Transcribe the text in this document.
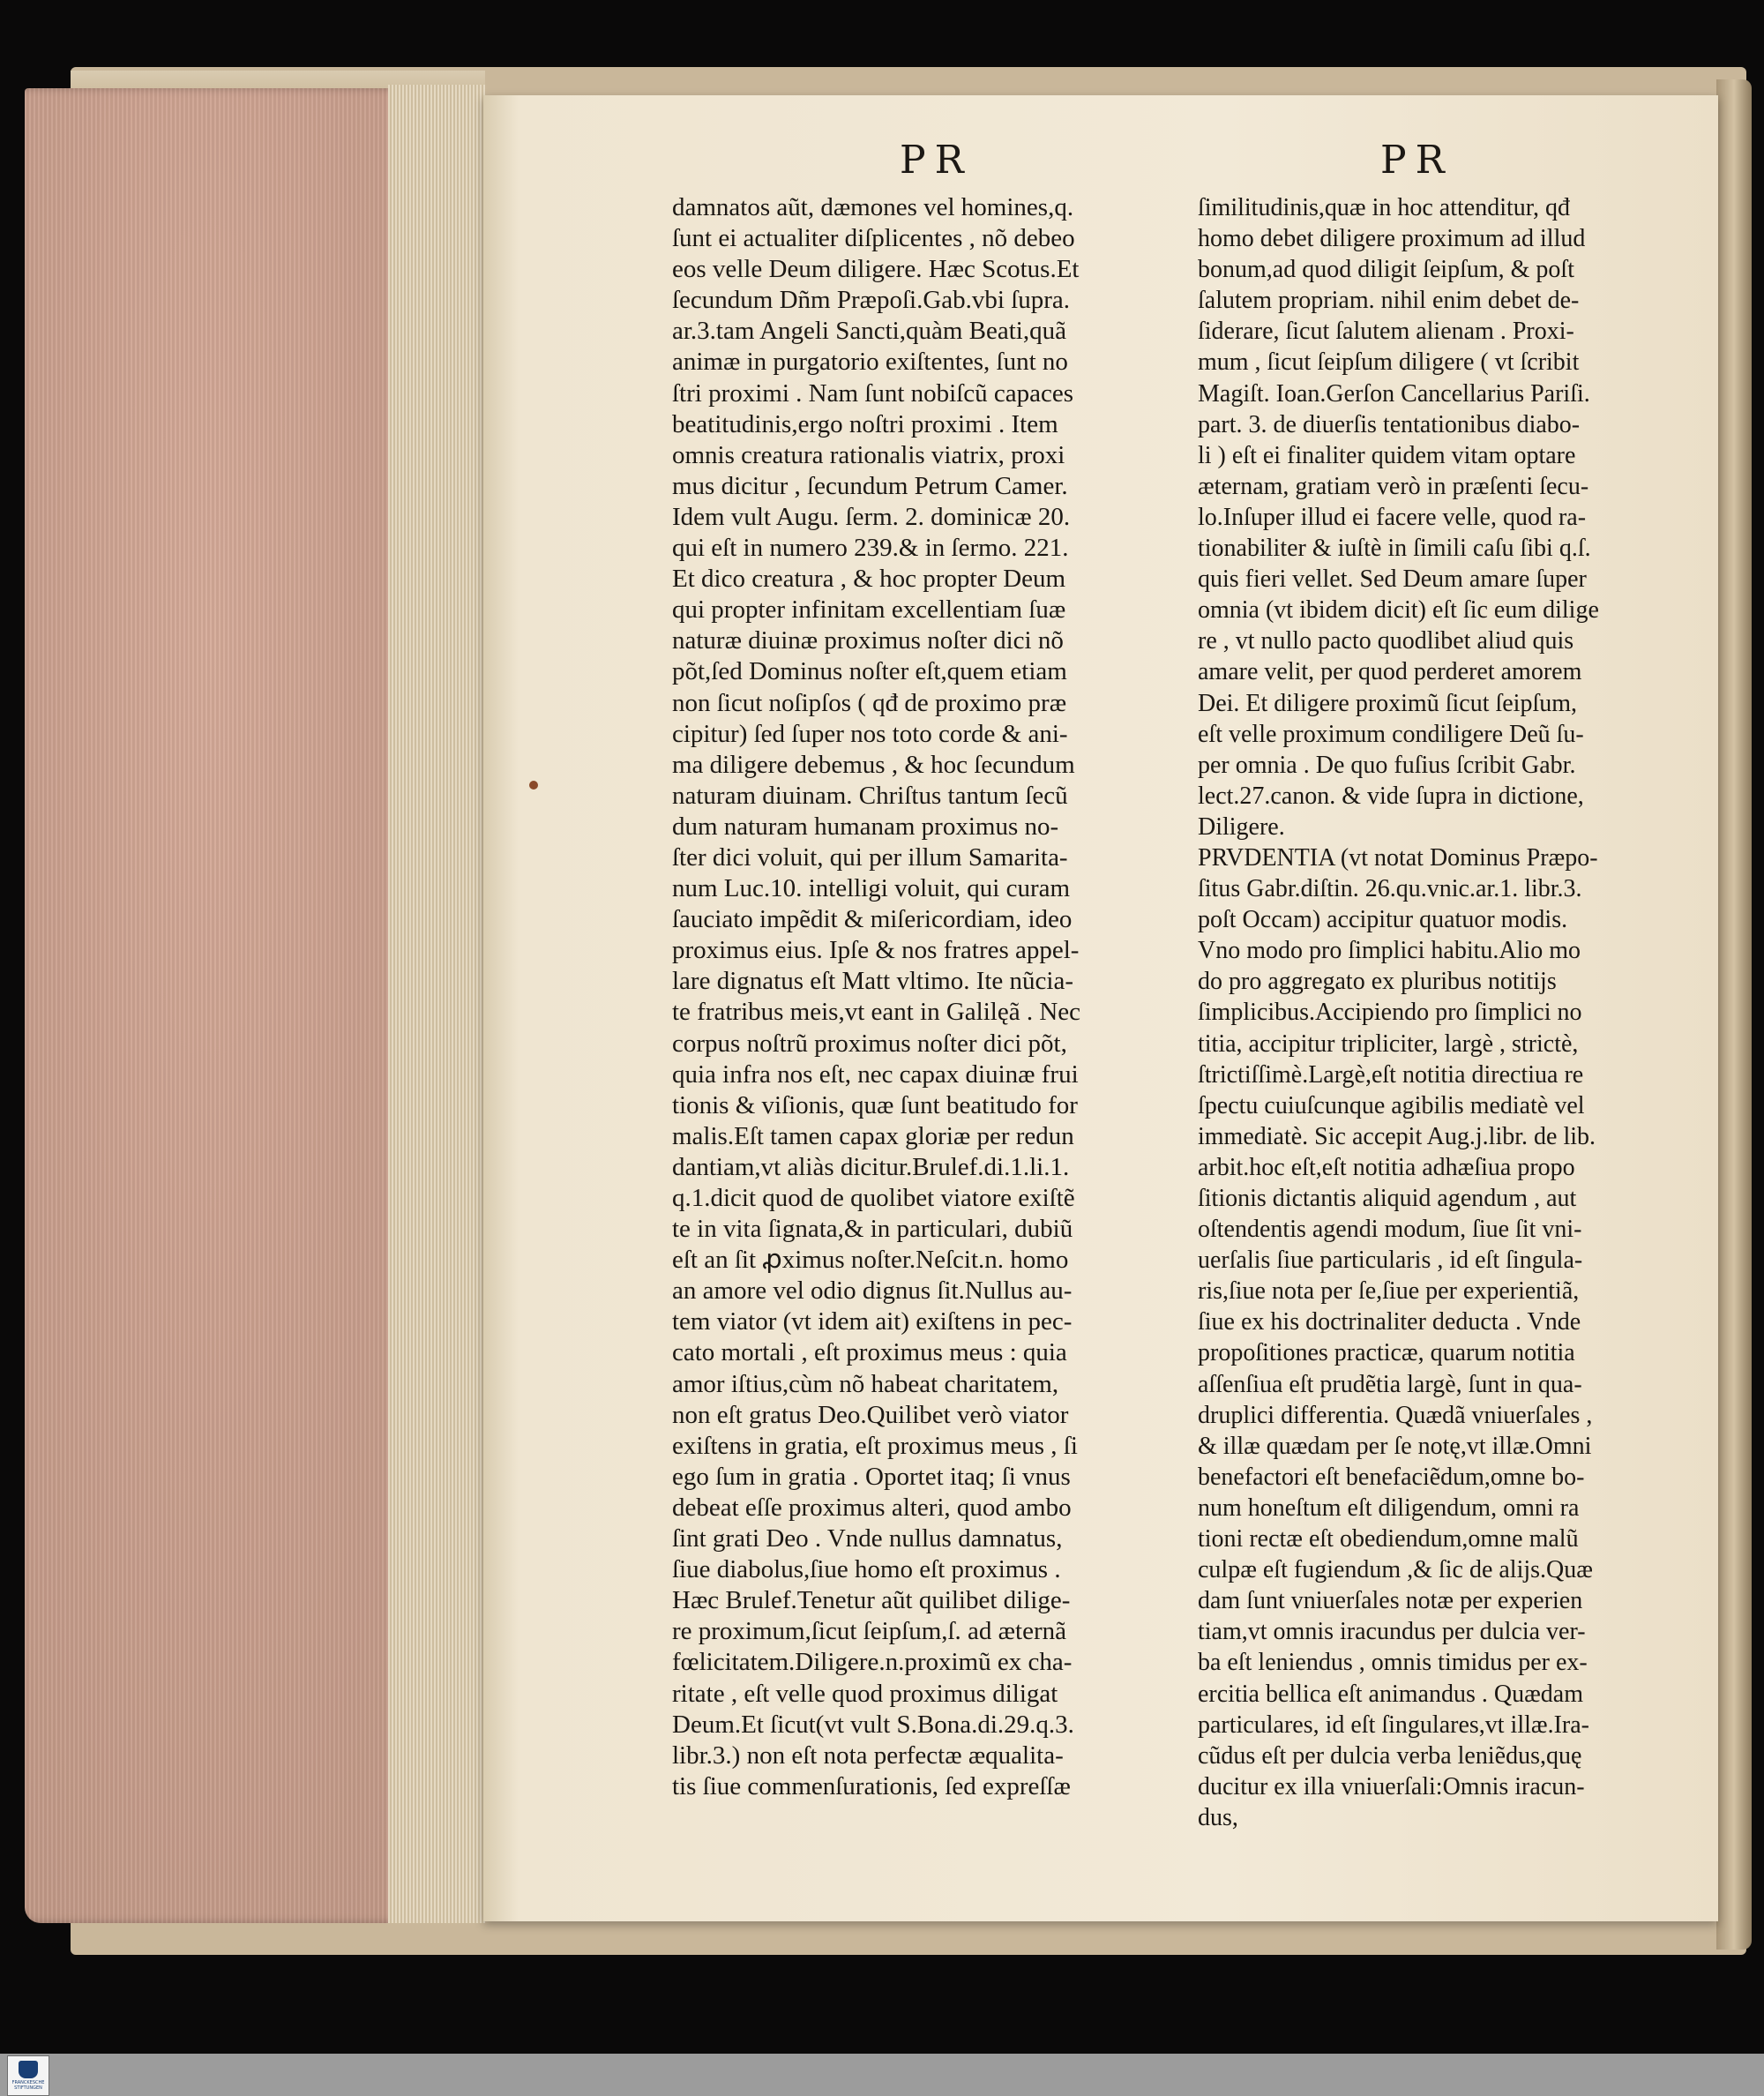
PR	PR
damnatos aũt, dæmones vel homines,q.
ſunt ei actualiter diſplicentes , nõ debeo
eos velle Deum diligere. Hæc Scotus.Et
ſecundum Dñm Præpoſi.Gab.vbi ſupra.
ar.3.tam Angeli Sancti,quàm Beati,quã
animæ in purgatorio exiſtentes, ſunt no
ſtri proximi . Nam ſunt nobiſcũ capaces
beatitudinis,ergo noſtri proximi . Item
omnis creatura rationalis viatrix, proxi
mus dicitur , ſecundum Petrum Camer.
Idem vult Augu. ſerm. 2. dominicæ 20.
qui eſt in numero 239.& in ſermo. 221.
Et dico creatura , & hoc propter Deum
qui propter infinitam excellentiam ſuæ
naturæ diuinæ proximus noſter dici nõ
põt,ſed Dominus noſter eſt,quem etiam
non ſicut noſipſos ( qđ de proximo præ
cipitur) ſed ſuper nos toto corde & ani-
ma diligere debemus , & hoc ſecundum
naturam diuinam. Chriſtus tantum ſecũ
dum naturam humanam proximus no-
ſter dici voluit, qui per illum Samarita-
num Luc.10. intelligi voluit, qui curam
ſauciato impẽdit & miſericordiam, ideo
proximus eius. Ipſe & nos fratres appel-
lare dignatus eſt Matt vltimo. Ite nũcia-
te fratribus meis,vt eant in Galilęã . Nec
corpus noſtrũ proximus noſter dici põt,
quia infra nos eſt, nec capax diuinæ frui
tionis & viſionis, quæ ſunt beatitudo for
malis.Eſt tamen capax gloriæ per redun
dantiam,vt aliàs dicitur.Brulef.di.1.li.1.
q.1.dicit quod de quolibet viatore exiſtẽ
te in vita ſignata,& in particulari, dubiũ
eſt an ſit ꝓximus noſter.Neſcit.n. homo
an amore vel odio dignus ſit.Nullus au-
tem viator (vt idem ait) exiſtens in pec-
cato mortali , eſt proximus meus : quia
amor iſtius,cùm nõ habeat charitatem,
non eſt gratus Deo.Quilibet verò viator
exiſtens in gratia, eſt proximus meus , ſi
ego ſum in gratia . Oportet itaq; ſi vnus
debeat eſſe proximus alteri, quod ambo
ſint grati Deo . Vnde nullus damnatus,
ſiue diabolus,ſiue homo eſt proximus .
Hæc Brulef.Tenetur aũt quilibet dilige-
re proximum,ſicut ſeipſum,ſ. ad æternã
fœlicitatem.Diligere.n.proximũ ex cha-
ritate , eſt velle quod proximus diligat
Deum.Et ſicut(vt vult S.Bona.di.29.q.3.
libr.3.) non eſt nota perfectæ æqualita-
tis ſiue commenſurationis, ſed expreſſæ
ſimilitudinis,quæ in hoc attenditur, qđ
homo debet diligere proximum ad illud
bonum,ad quod diligit ſeipſum, & poſt
ſalutem propriam. nihil enim debet de-
ſiderare, ſicut ſalutem alienam . Proxi-
mum , ſicut ſeipſum diligere ( vt ſcribit
Magiſt. Ioan.Gerſon Cancellarius Pariſi.
part. 3. de diuerſis tentationibus diabo-
li ) eſt ei finaliter quidem vitam optare
æternam, gratiam verò in præſenti ſecu-
lo.Inſuper illud ei facere velle, quod ra-
tionabiliter & iuſtè in ſimili caſu ſibi q.ſ.
quis fieri vellet. Sed Deum amare ſuper
omnia (vt ibidem dicit) eſt ſic eum dilige
re , vt nullo pacto quodlibet aliud quis
amare velit, per quod perderet amorem
Dei. Et diligere proximũ ſicut ſeipſum,
eſt velle proximum condiligere Deũ ſu-
per omnia . De quo fuſius ſcribit Gabr.
lect.27.canon. & vide ſupra in dictione,
Diligere.
PRVDENTIA (vt notat Dominus Præpo-
ſitus Gabr.diſtin. 26.qu.vnic.ar.1. libr.3.
poſt Occam) accipitur quatuor modis.
Vno modo pro ſimplici habitu.Alio mo
do pro aggregato ex pluribus notitijs
ſimplicibus.Accipiendo pro ſimplici no
titia, accipitur tripliciter, largè , strictè,
ſtrictiſſimè.Largè,eſt notitia directiua re
ſpectu cuiuſcunque agibilis mediatè vel
immediatè. Sic accepit Aug.j.libr. de lib.
arbit.hoc eſt,eſt notitia adhæſiua propo
ſitionis dictantis aliquid agendum , aut
oſtendentis agendi modum, ſiue ſit vni-
uerſalis ſiue particularis , id eſt ſingula-
ris,ſiue nota per ſe,ſiue per experientiã,
ſiue ex his doctrinaliter deducta . Vnde
propoſitiones practicæ, quarum notitia
aſſenſiua eſt prudẽtia largè, ſunt in qua-
druplici differentia. Quædã vniuerſales ,
& illæ quædam per ſe notę,vt illæ.Omni
benefactori eſt benefaciẽdum,omne bo-
num honeſtum eſt diligendum, omni ra
tioni rectæ eſt obediendum,omne malũ
culpæ eſt fugiendum ,& ſic de alijs.Quæ
dam ſunt vniuerſales notæ per experien
tiam,vt omnis iracundus per dulcia ver-
ba eſt leniendus , omnis timidus per ex-
ercitia bellica eſt animandus . Quædam
particulares, id eſt ſingulares,vt illæ.Ira-
cũdus eſt per dulcia verba leniẽdus,quę
ducitur ex illa vniuerſali:Omnis iracun-
dus,
FRANCKESCHE
STIFTUNGEN
